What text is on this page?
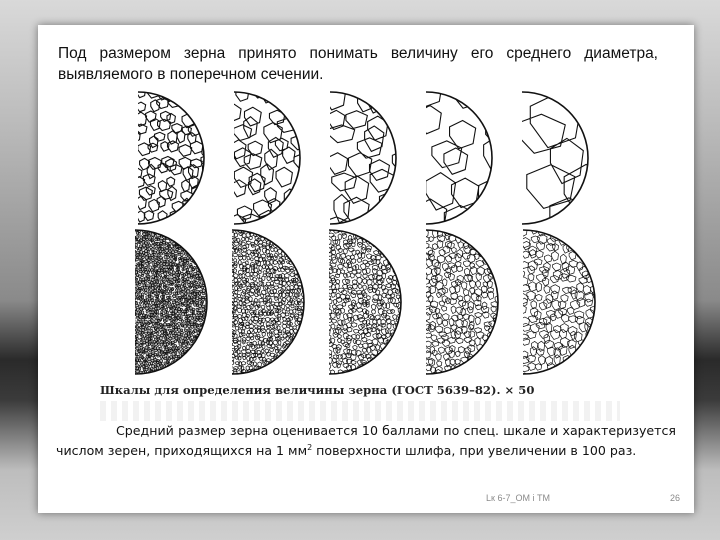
Под размером зерна принято понимать величину его среднего диаметра, выявляемого в поперечном сечении.
Шкалы для определения величины зерна (ГОСТ 5639–82). × 50
Средний размер зерна оценивается 10 баллами по спец. шкале и характеризуется числом зерен, приходящихся на 1 $мм^2$ поверхности шлифа, при увеличении в 100 раз.
Lк 6-7_ОМ і ТМ	26
